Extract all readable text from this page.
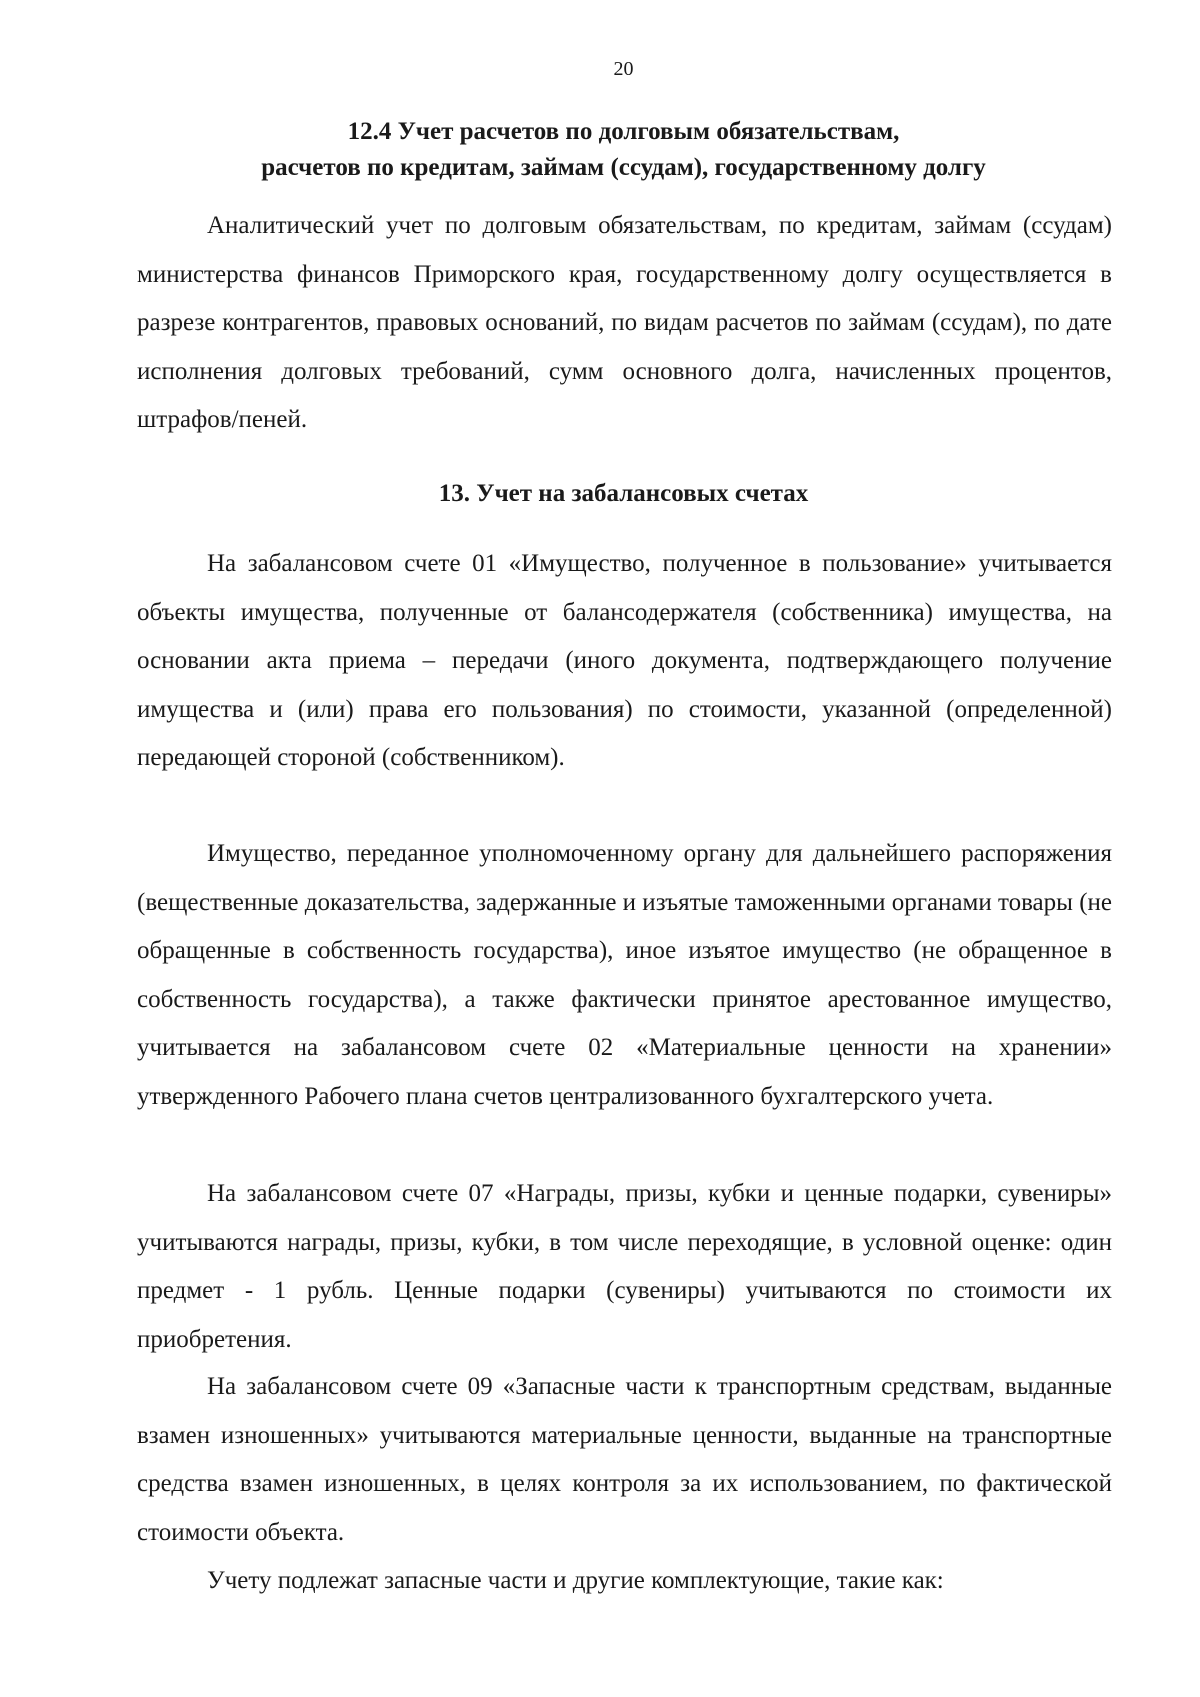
20
12.4 Учет расчетов по долговым обязательствам,
расчетов по кредитам, займам (ссудам), государственному долгу

Аналитический учет по долговым обязательствам, по кредитам, займам (ссудам) министерства финансов Приморского края, государственному долгу осуществляется в разрезе контрагентов, правовых оснований, по видам расчетов по займам (ссудам), по дате исполнения долговых требований, сумм основного долга, начисленных процентов, штрафов/пеней.

13. Учет на забалансовых счетах

На забалансовом счете 01 «Имущество, полученное в пользование» учитывается объекты имущества, полученные от балансодержателя (собственника) имущества, на основании акта приема – передачи (иного документа, подтверждающего получение имущества и (или) права его пользования) по стоимости, указанной (определенной) передающей стороной (собственником).

Имущество, переданное уполномоченному органу для дальнейшего распоряжения (вещественные доказательства, задержанные и изъятые таможенными органами товары (не обращенные в собственность государства), иное изъятое имущество (не обращенное в собственность государства), а также фактически принятое арестованное имущество, учитывается на забалансовом счете 02 «Материальные ценности на хранении» утвержденного Рабочего плана счетов централизованного бухгалтерского учета.

На забалансовом счете 07 «Награды, призы, кубки и ценные подарки, сувениры» учитываются награды, призы, кубки, в том числе переходящие, в условной оценке: один предмет - 1 рубль. Ценные подарки (сувениры) учитываются по стоимости их приобретения.

На забалансовом счете 09 «Запасные части к транспортным средствам, выданные взамен изношенных» учитываются материальные ценности, выданные на транспортные средства взамен изношенных, в целях контроля за их использованием, по фактической стоимости объекта.

Учету подлежат запасные части и другие комплектующие, такие как:
